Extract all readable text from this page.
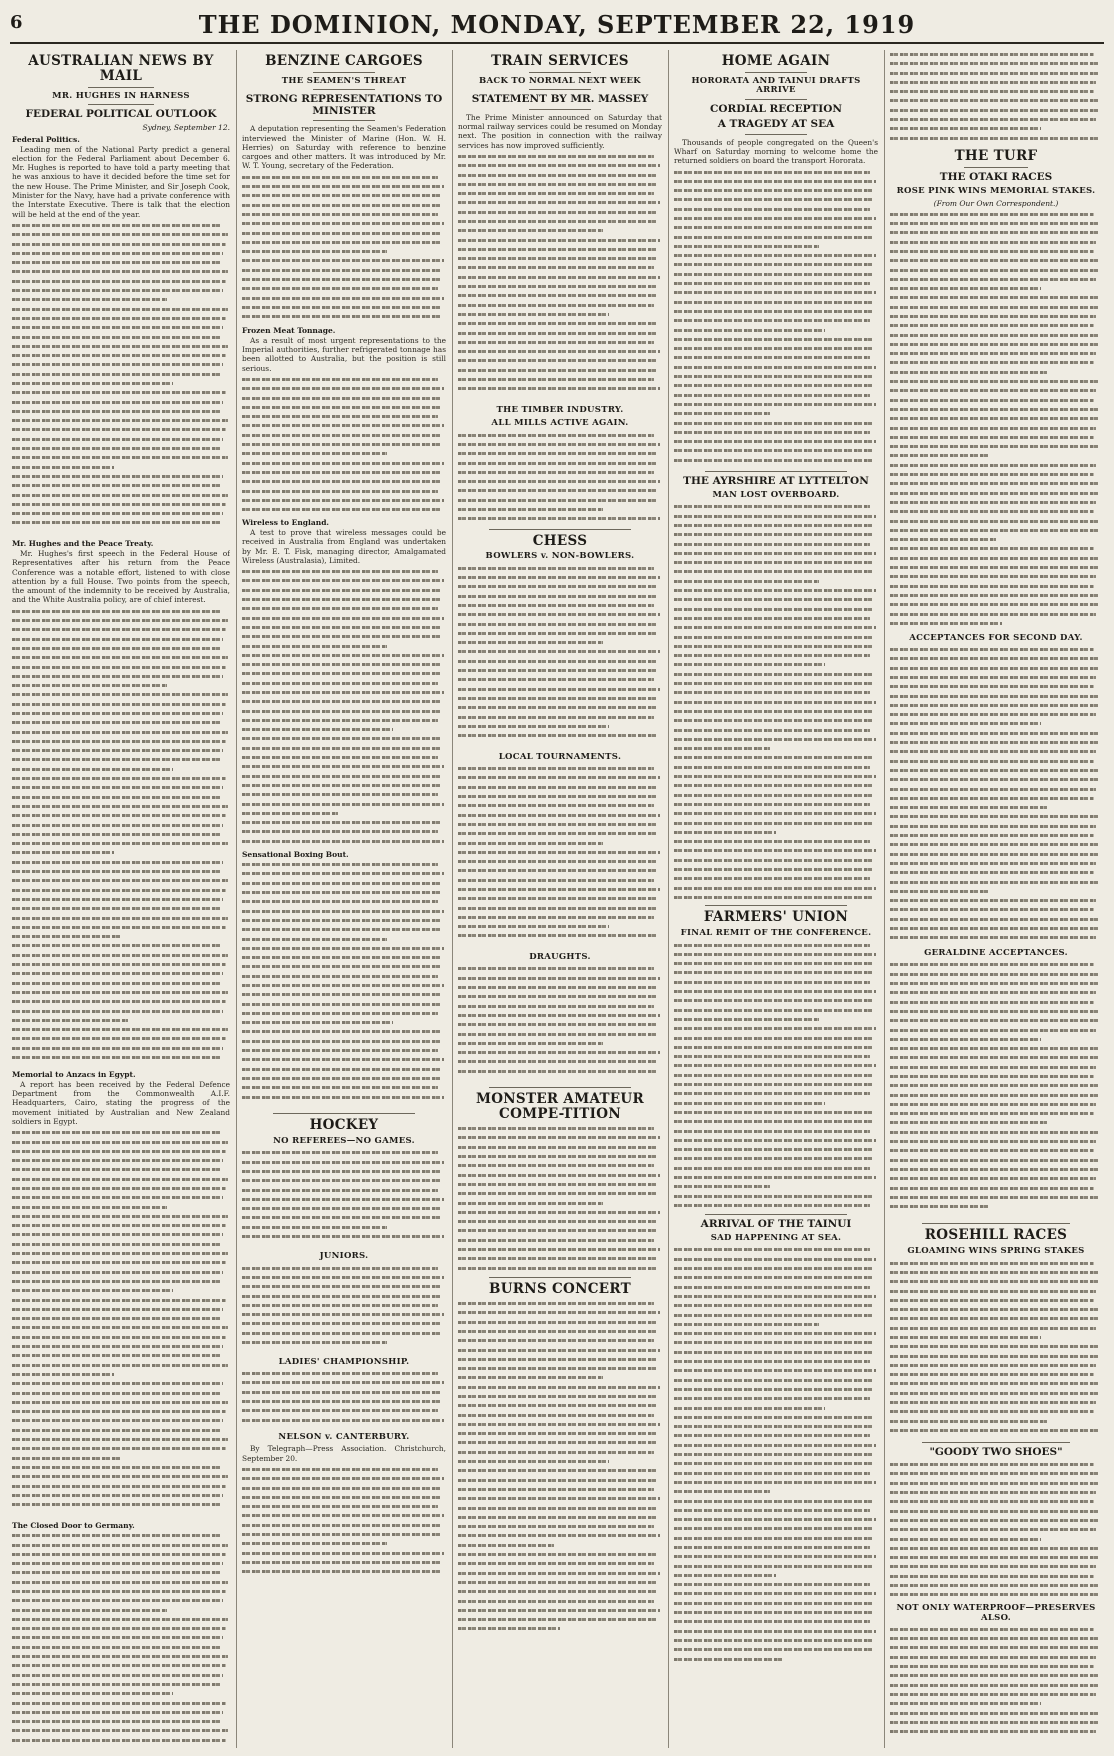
6	THE DOMINION, MONDAY, SEPTEMBER 22, 1919
AUSTRALIAN NEWS BY MAIL
MR. HUGHES IN HARNESS
FEDERAL POLITICAL OUTLOOK
Sydney, September 12.
Federal Politics.

Leading men of the National Party predict a general election for the Federal Parliament about December 6. Mr. Hughes is reported to have told a party meeting that he was anxious to have it decided before the time set for the new House. The Prime Minister, and Sir Joseph Cook, Minister for the Navy, have had a private conference with the Interstate Executive. There is talk that the election will be held at the end of the year.

Mr. Hughes and the Peace Treaty.

Mr. Hughes's first speech in the Federal House of Representatives after his return from the Peace Conference was a notable effort, listened to with close attention by a full House. Two points from the speech, the amount of the indemnity to be received by Australia, and the White Australia policy, are of chief interest.

Memorial to Anzacs in Egypt.

A report has been received by the Federal Defence Department from the Commonwealth A.I.F. Headquarters, Cairo, stating the progress of the movement initiated by Australian and New Zealand soldiers in Egypt.

The Closed Door to Germany.
BENZINE CARGOES
THE SEAMEN'S THREAT
STRONG REPRESENTATIONS TO MINISTER

A deputation representing the Seamen's Federation interviewed the Minister of Marine (Hon. W. H. Herries) on Saturday with reference to benzine cargoes and other matters. It was introduced by Mr. W. T. Young, secretary of the Federation.

Frozen Meat Tonnage.

As a result of most urgent representations to the Imperial authorities, further refrigerated tonnage has been allotted to Australia, but the position is still serious.

Wireless to England.

A test to prove that wireless messages could be received in Australia from England was undertaken by Mr. E. T. Fisk, managing director, Amalgamated Wireless (Australasia), Limited.

Sensational Boxing Bout.
HOCKEY
NO REFEREES—NO GAMES.
JUNIORS.
LADIES' CHAMPIONSHIP.
NELSON v. CANTERBURY.

By Telegraph—Press Association. Christchurch, September 20.

TRAIN SERVICES
BACK TO NORMAL NEXT WEEK
STATEMENT BY MR. MASSEY

The Prime Minister announced on Saturday that normal railway services could be resumed on Monday next. The position in connection with the railway services has now improved sufficiently.

THE TIMBER INDUSTRY.
ALL MILLS ACTIVE AGAIN.
CHESS
BOWLERS v. NON-BOWLERS.
LOCAL TOURNAMENTS.
DRAUGHTS.
MONSTER AMATEUR COMPE-TITION
BURNS CONCERT
HOME AGAIN
HORORATA AND TAINUI DRAFTS ARRIVE
CORDIAL RECEPTION
A TRAGEDY AT SEA

Thousands of people congregated on the Queen's Wharf on Saturday morning to welcome home the returned soldiers on board the transport Hororata.

THE AYRSHIRE AT LYTTELTON
MAN LOST OVERBOARD.
FARMERS' UNION
FINAL REMIT OF THE CONFERENCE.
ARRIVAL OF THE TAINUI
SAD HAPPENING AT SEA.
THE TURF
THE OTAKI RACES
ROSE PINK WINS MEMORIAL STAKES.
(From Our Own Correspondent.)
ACCEPTANCES FOR SECOND DAY.
GERALDINE ACCEPTANCES.
ROSEHILL RACES
GLOAMING WINS SPRING STAKES
"GOODY TWO SHOES"
NOT ONLY WATERPROOF—PRESERVES ALSO.
